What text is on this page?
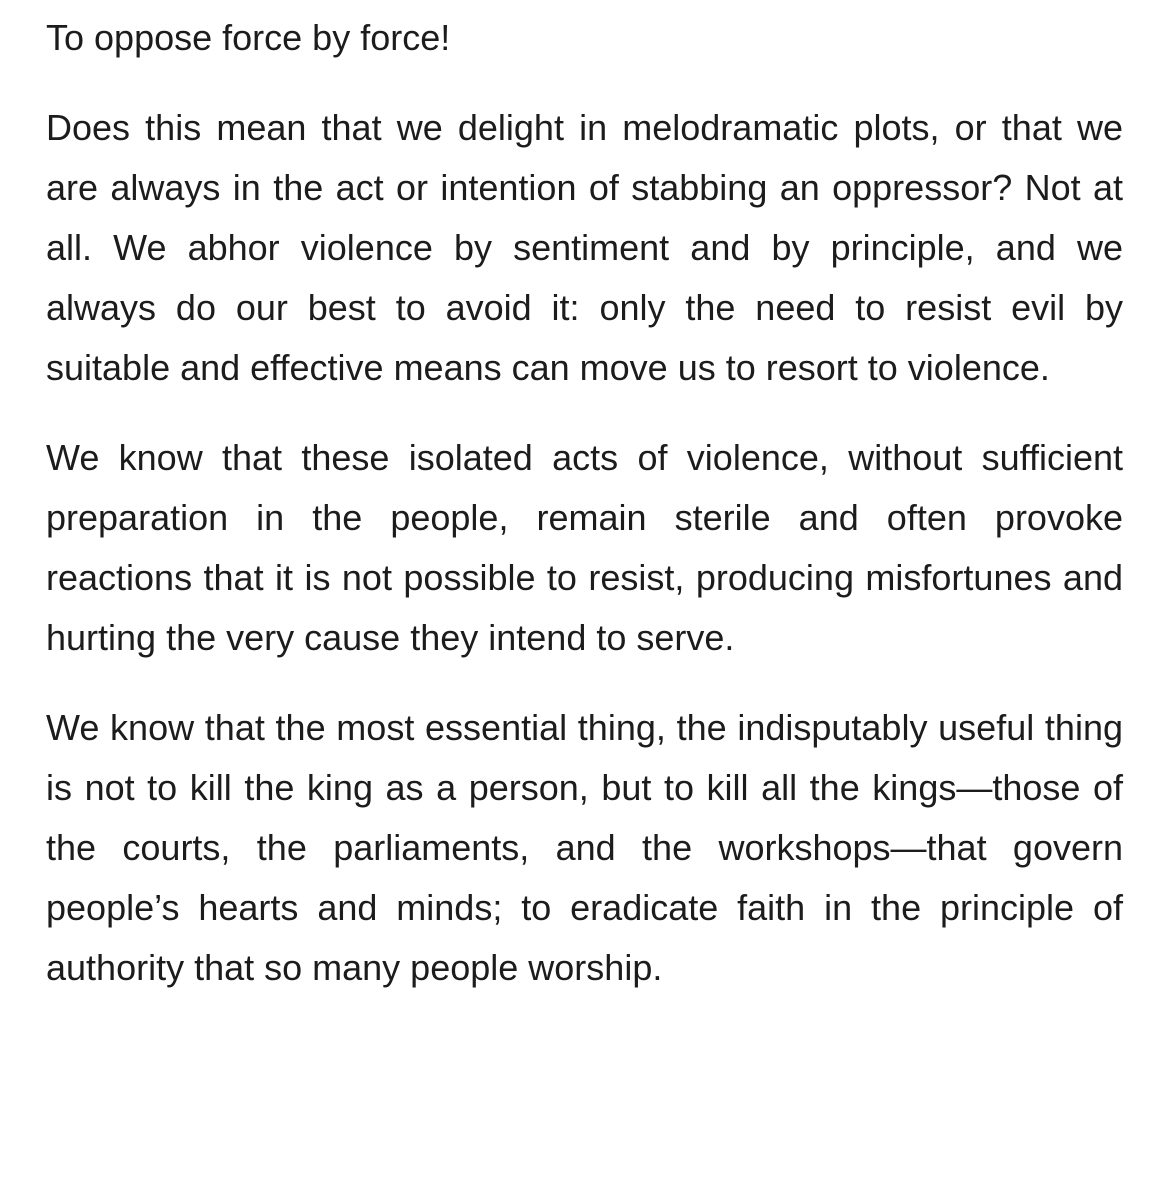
To oppose force by force!

Does this mean that we delight in melodramatic plots, or that we are always in the act or intention of stabbing an oppressor? Not at all. We abhor violence by sentiment and by principle, and we always do our best to avoid it: only the need to resist evil by suitable and effective means can move us to resort to violence.

We know that these isolated acts of violence, without sufficient preparation in the people, remain sterile and often provoke reactions that it is not possible to resist, producing misfortunes and hurting the very cause they intend to serve.

We know that the most essential thing, the indisputably useful thing is not to kill the king as a person, but to kill all the kings—those of the courts, the parliaments, and the workshops—that govern people’s hearts and minds; to eradicate faith in the principle of authority that so many people worship.
